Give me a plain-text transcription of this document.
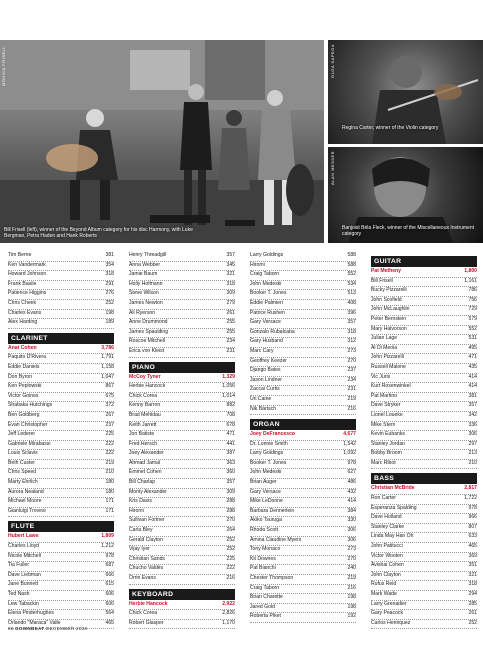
MONICA FRISELL
Bill Frisell (left), winner of the Beyond Album category for his disc Harmony, with Luke Bergman, Petra Haden and Hank Roberts
OLGA SAPEGA
Regina Carter, winner of the Violin category
ALAN MESSER
Banjoist Béla Fleck, winner of the Miscellaneous Instrument category
Tim Berne	381
Ken Vandermark	354
Howard Johnson	318
Frank Basile	291
Patience Higgins	276
Chris Cheek	252
Charles Evans	198
Alex Harding	189
CLARINET
Anat Cohen	3,786
Paquito D'Rivera	1,791
Eddie Daniels	1,158
Don Byron	1,047
Ken Peplowski	867
Victor Goines	675
Shabaka Hutchings	372
Ben Goldberg	267
Evan Christopher	237
Jeff Lederer	225
Gabriele Mirabassi	222
Louis Sclavis	222
Beth Custer	219
Chris Speed	210
Marty Ehrlich	180
Aurora Nealand	180
Michael Moore	171
Gianluigi Trovesi	171
FLUTE
Hubert Laws	1,809
Charles Lloyd	1,212
Nicole Mitchell	978
Tia Fuller	687
Dave Liebman	666
Jane Bunnett	615
Ted Nash	606
Lew Tabackin	606
Elena Pinderhughes	564
Orlando "Maraca" Valle	465
Henry Threadgill	357
Anna Webber	345
Jamie Baum	321
Holly Hofmann	318
Steve Wilson	309
James Newton	279
Ali Ryerson	261
Anne Drummond	255
James Spaulding	255
Roscoe Mitchell	234
Erica von Kleist	231
PIANO
McCoy Tyner	1,329
Herbie Hancock	1,056
Chick Corea	1,014
Kenny Barron	882
Brad Mehldau	708
Keith Jarrett	678
Jon Batiste	471
Fred Hersch	441
Joey Alexander	387
Ahmad Jamal	363
Emmet Cohen	360
Bill Charlap	357
Monty Alexander	309
Kris Davis	288
Hiromi	288
Sullivan Fortner	270
Carla Bley	264
Gerald Clayton	252
Vijay Iyer	252
Christian Sands	225
Chucho Valdés	222
Orrin Evans	216
KEYBOARD
Herbie Hancock	2,922
Chick Corea	2,826
Robert Glasper	1,170
Larry Goldings	588
Hiromi	588
Craig Taborn	552
John Medeski	534
Booker T. Jones	513
Eddie Palmieri	408
Patrice Rushen	396
Gary Versace	357
Gonzalo Rubalcaba	318
Gary Husband	312
Marc Cary	273
Geoffrey Keezer	270
Django Bates	237
Jason Lindner	234
Zaccai Curtis	231
Uri Caine	219
Nik Bärtsch	216
ORGAN
Joey DeFrancesco	4,677
Dr. Lonnie Smith	1,542
Larry Goldings	1,092
Booker T. Jones	978
John Medeski	627
Brian Auger	486
Gary Versace	432
Mike LeDonne	414
Barbara Dennerlein	384
Akiko Tsuruga	330
Rhoda Scott	306
Amina Claudine Myers	306
Tony Monaco	273
Kit Downes	270
Pat Bianchi	240
Chester Thompson	219
Craig Taborn	216
Brian Charette	198
Jared Gold	198
Roberta Piket	192
GUITAR
Pat Metheny	1,800
Bill Frisell	1,161
Bucky Pizzarelli	786
John Scofield	756
John McLaughlin	729
Peter Bernstein	579
Mary Halvorson	552
Julian Lage	531
Al Di Meola	495
John Pizzarelli	471
Russell Malone	435
Vic Juris	414
Kurt Rosenwinkel	414
Pat Martino	381
Dave Stryker	357
Lionel Loueke	342
Mike Stern	336
Kevin Eubanks	306
Stanley Jordan	297
Bobby Broom	213
Marc Ribot	210
BASS
Christian McBride	2,817
Ron Carter	1,722
Esperanza Spalding	978
Dave Holland	966
Stanley Clarke	807
Linda May Han Oh	633
John Patitucci	465
Victor Wooten	369
Avishai Cohen	351
John Clayton	321
Rufus Reid	318
Mark Wade	294
Larry Grenadier	285
Gary Peacock	261
Carlos Henriquez	252
96 DOWNBEAT DECEMBER 2020
